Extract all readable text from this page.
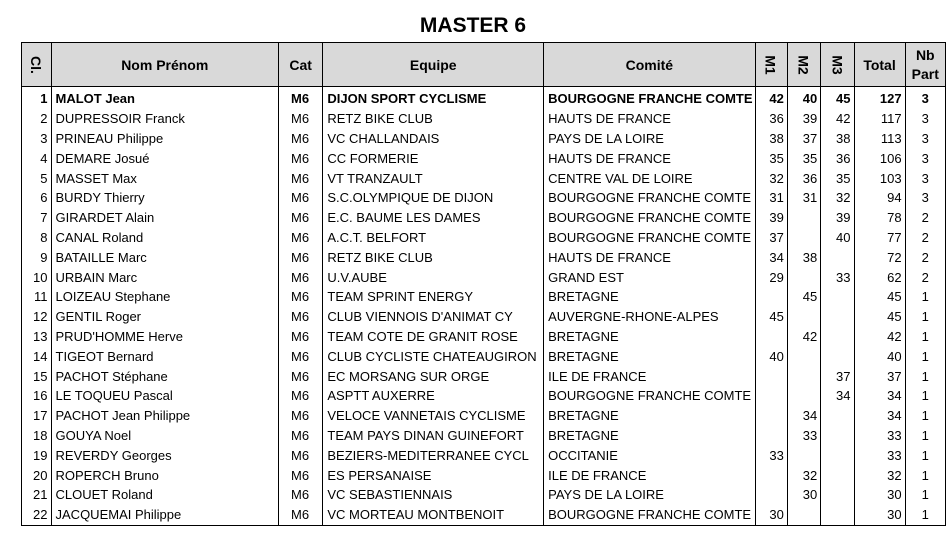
MASTER 6
Cl.	Nom Prénom	Cat	Equipe	Comité	M1	M2	M3	Total	Nb
Part
1	MALOT Jean	M6	DIJON SPORT CYCLISME	BOURGOGNE FRANCHE COMTE	42	40	45	127	3
2	DUPRESSOIR Franck	M6	RETZ BIKE CLUB	HAUTS DE FRANCE	36	39	42	117	3
3	PRINEAU Philippe	M6	VC CHALLANDAIS	PAYS DE LA LOIRE	38	37	38	113	3
4	DEMARE Josué	M6	CC FORMERIE	HAUTS DE FRANCE	35	35	36	106	3
5	MASSET Max	M6	VT TRANZAULT	CENTRE VAL DE LOIRE	32	36	35	103	3
6	BURDY Thierry	M6	S.C.OLYMPIQUE DE DIJON	BOURGOGNE FRANCHE COMTE	31	31	32	94	3
7	GIRARDET Alain	M6	E.C. BAUME LES DAMES	BOURGOGNE FRANCHE COMTE	39		39	78	2
8	CANAL Roland	M6	A.C.T. BELFORT	BOURGOGNE FRANCHE COMTE	37		40	77	2
9	BATAILLE Marc	M6	RETZ BIKE CLUB	HAUTS DE FRANCE	34	38		72	2
10	URBAIN Marc	M6	U.V.AUBE	GRAND EST	29		33	62	2
11	LOIZEAU Stephane	M6	TEAM SPRINT ENERGY	BRETAGNE		45		45	1
12	GENTIL Roger	M6	CLUB VIENNOIS D'ANIMAT CY	AUVERGNE-RHONE-ALPES	45			45	1
13	PRUD'HOMME Herve	M6	TEAM COTE DE GRANIT ROSE	BRETAGNE		42		42	1
14	TIGEOT Bernard	M6	CLUB CYCLISTE CHATEAUGIRON	BRETAGNE	40			40	1
15	PACHOT Stéphane	M6	EC MORSANG SUR ORGE	ILE DE FRANCE			37	37	1
16	LE TOQUEU Pascal	M6	ASPTT AUXERRE	BOURGOGNE FRANCHE COMTE			34	34	1
17	PACHOT Jean Philippe	M6	VELOCE VANNETAIS CYCLISME	BRETAGNE		34		34	1
18	GOUYA Noel	M6	TEAM PAYS DINAN GUINEFORT	BRETAGNE		33		33	1
19	REVERDY Georges	M6	BEZIERS-MEDITERRANEE CYCL	OCCITANIE	33			33	1
20	ROPERCH Bruno	M6	ES PERSANAISE	ILE DE FRANCE		32		32	1
21	CLOUET Roland	M6	VC SEBASTIENNAIS	PAYS DE LA LOIRE		30		30	1
22	JACQUEMAI Philippe	M6	VC MORTEAU MONTBENOIT	BOURGOGNE FRANCHE COMTE	30			30	1
